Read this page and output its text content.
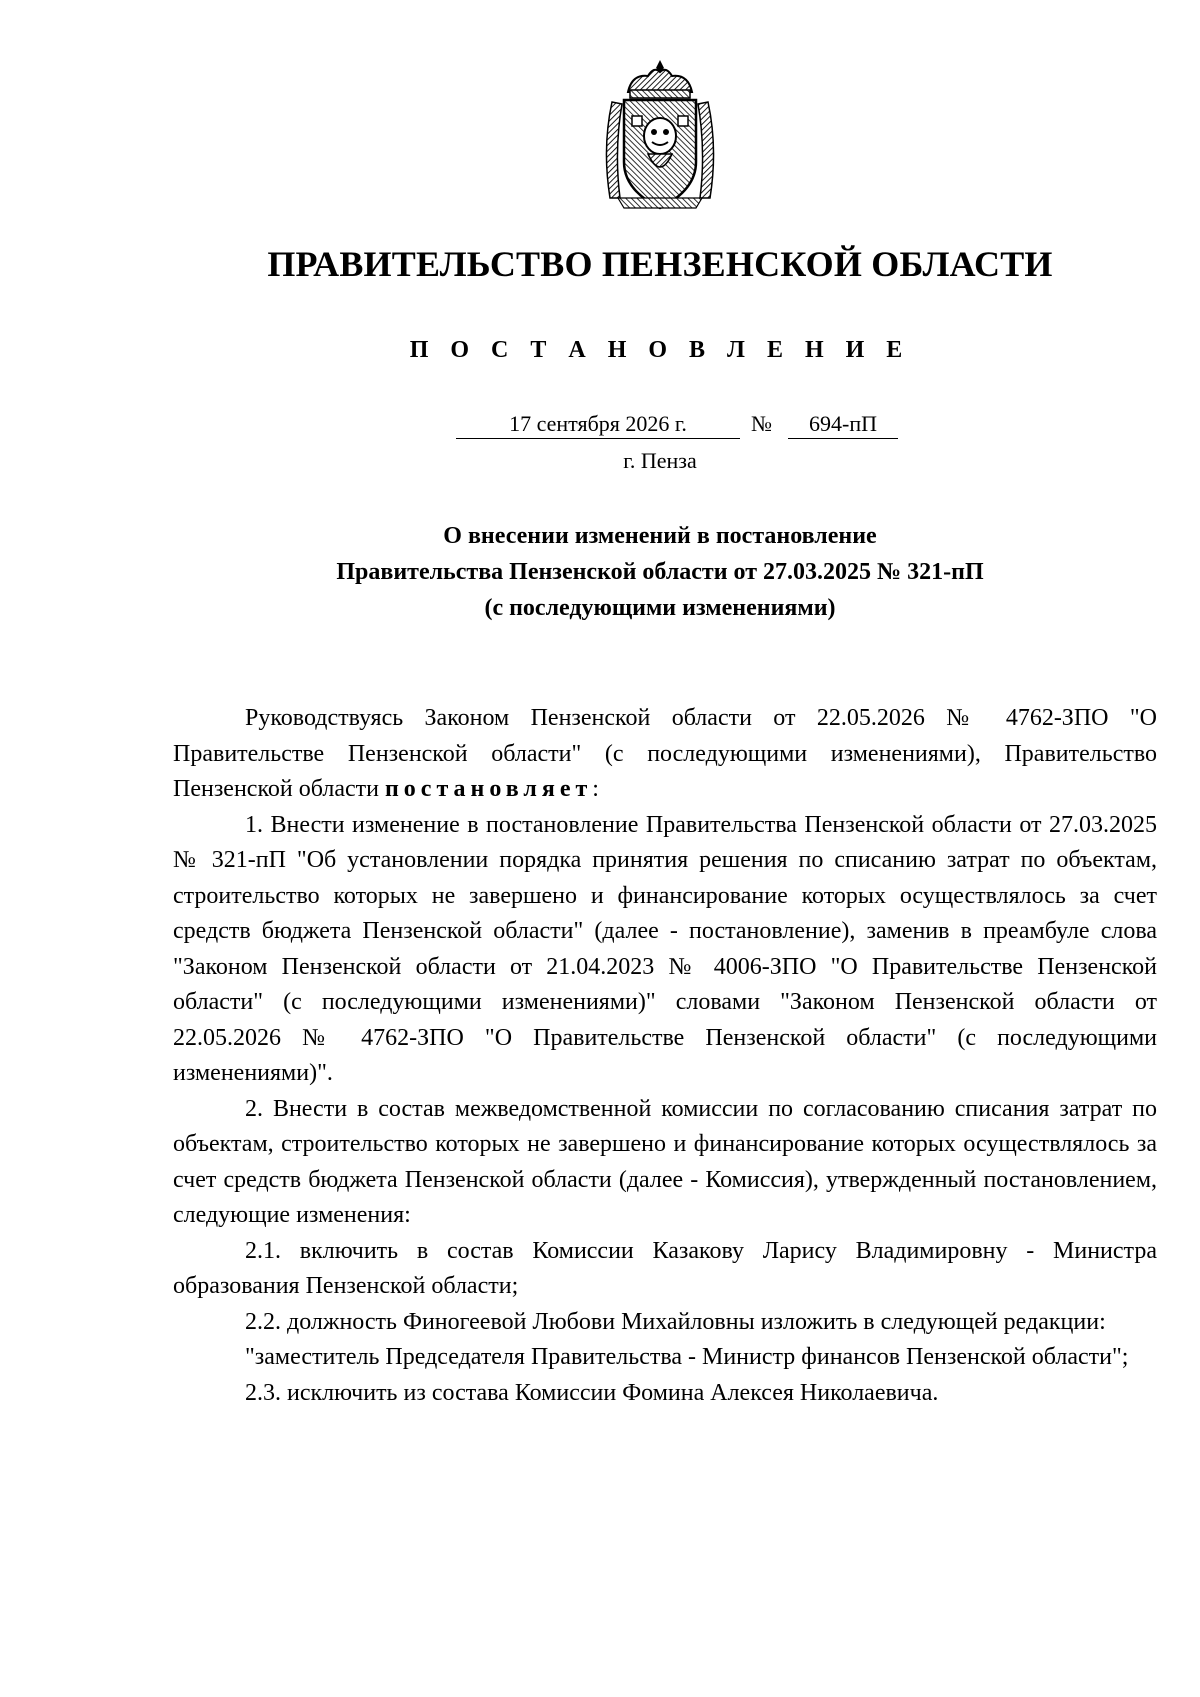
ПРАВИТЕЛЬСТВО ПЕНЗЕНСКОЙ ОБЛАСТИ
П О С Т А Н О В Л Е Н И Е
17 сентября 2026 г.	№	694-пП
г. Пенза
О внесении изменений в постановление
Правительства Пензенской области от 27.03.2025 № 321-пП
(с последующими изменениями)

Руководствуясь Законом Пензенской области от 22.05.2026 № 4762-ЗПО "О Правительстве Пензенской области" (с последующими изменениями), Правительство Пензенской области постановляет:

1. Внести изменение в постановление Правительства Пензенской области от 27.03.2025 № 321-пП "Об установлении порядка принятия решения по списанию затрат по объектам, строительство которых не завершено и финансирование которых осуществлялось за счет средств бюджета Пензенской области" (далее - постановление), заменив в преамбуле слова "Законом Пензенской области от 21.04.2023 № 4006-ЗПО "О Правительстве Пензенской области" (с последующими изменениями)" словами "Законом Пензенской области от 22.05.2026 № 4762-ЗПО "О Правительстве Пензенской области" (с последующими изменениями)".

2. Внести в состав межведомственной комиссии по согласованию списания затрат по объектам, строительство которых не завершено и финансирование которых осуществлялось за счет средств бюджета Пензенской области (далее - Комиссия), утвержденный постановлением, следующие изменения:

2.1. включить в состав Комиссии Казакову Ларису Владимировну - Министра образования Пензенской области;

2.2. должность Финогеевой Любови Михайловны изложить в следующей редакции:

"заместитель Председателя Правительства - Министр финансов Пензенской области";

2.3. исключить из состава Комиссии Фомина Алексея Николаевича.
